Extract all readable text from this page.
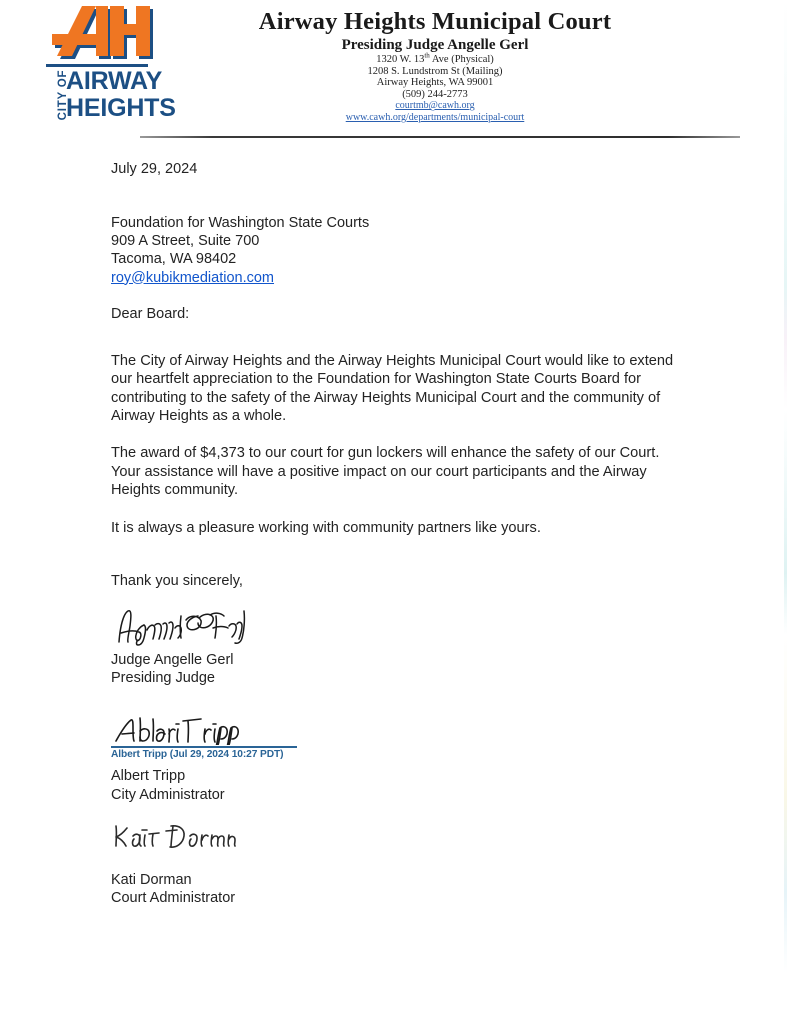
CITY OF
AIRWAY
HEIGHTS
Airway Heights Municipal Court
Presiding Judge Angelle Gerl
1320 W. 13th Ave (Physical)
1208 S. Lundstrom St (Mailing)
Airway Heights, WA 99001
(509) 244-2773
courtmb@cawh.org
www.cawh.org/departments/municipal-court
July 29, 2024
Foundation for Washington State Courts
909 A Street, Suite 700
Tacoma, WA 98402
roy@kubikmediation.com
Dear Board:
The City of Airway Heights and the Airway Heights Municipal Court would like to extend our heartfelt appreciation to the Foundation for Washington State Courts Board for contributing to the safety of the Airway Heights Municipal Court and the community of Airway Heights as a whole.
The award of $4,373 to our court for gun lockers will enhance the safety of our Court. Your assistance will have a positive impact on our court participants and the Airway Heights community.
It is always a pleasure working with community partners like yours.
Thank you sincerely,
Judge Angelle Gerl
Presiding Judge
Albert Tripp (Jul 29, 2024 10:27 PDT)
Albert Tripp
City Administrator
Kati Dorman
Court Administrator
